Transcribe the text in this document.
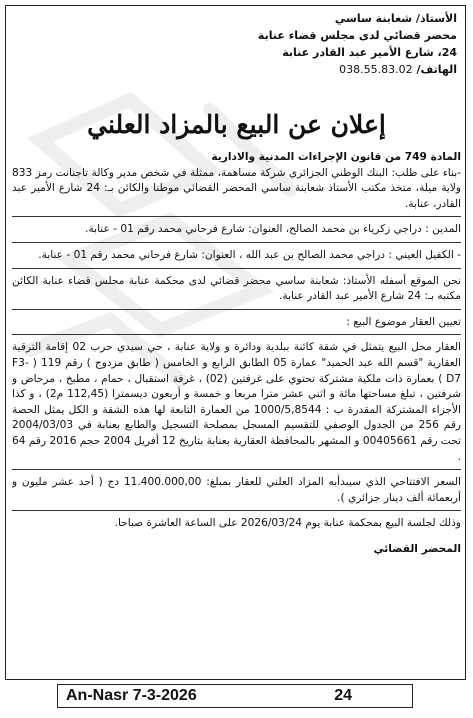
الأستاذ/ شعابنة ساسي
محضر قضائي لدى مجلس قضاء عنابة
24، شارع الأمير عبد القادر عنابة
الهاتف/ 038.55.83.02
إعلان عن البيع بالمزاد العلني

المادة 749 من قانون الإجراءات المدنية والادارية

-بناء على طلب: البنك الوطني الجزائري شركة مساهمة، ممثلة في شخص مدير وكالة تاجنانت رمز 833 ولاية ميلة، متخذ مكتب الأستاذ شعابنة ساسي المحضر القضائي موطنا والكائن بـ: 24 شارع الأمير عبد القادر، عنابة.

المدين : دراجي زكرياء بن محمد الصالح، العنوان: شارع فرحاني محمد رقم 01 - عنابة.

- الكفيل العيني : دراجي محمد الصالح بن عبد الله ، العنوان: شارع فرحاني محمد رقم 01 - عنابة.

نحن الموقع أسفله الأستاذ: شعابنة ساسي محضر قضائي لدى محكمة عنابة مجلس قضاء عنابة الكائن مكتبه بـ: 24 شارع الأمير عبد القادر عنابة.

تعيين العقار موضوع البيع :

العقار محل البيع يتمثل في شقة كائنة ببلدية ودائرة و ولاية عنابة ، حي سيدي حرب 02 إقامة الترقية العقارية "قسم الله عبد الحميد" عمارة 05 الطابق الرابع و الخامس ( طابق مزدوج ) رقم 119 ( F3-D7 ) بعمارة ذات ملكية مشتركة تحتوي على غرفتين (02) ، غرفة استقبال ، حمام ، مطبخ ، مرحاض و شرفتين ، تبلغ مساحتها مائة و اثني عشر مترا مربعا و خمسة و أربعون ديسمترا (112,45 م2) ، و كذا الأجزاء المشتركة المقدرة ب : 1000/5,8544 من العمارة التابعة لها هذه الشقة و الكل يمثل الحصة رقم 256 من الجدول الوصفي للتقسيم المسجل بمصلحة التسجيل والطابع بعنابة في 2004/03/03 تحت رقم 00405661 و المشهر بالمحافظة العقارية بعنابة بتاريخ 12 أفريل 2004 حجم 2016 رقم 64 .

السعر الافتتاحي الذي سيبدأبه المزاد العلني للعقار بمبلغ: 11.400.000,00 دج ( أحد عشر مليون و أربعمائة ألف دينار جزائري ).

وذلك لجلسة البيع بمحكمة عنابة يوم 2026/03/24 على الساعة العاشرة صباحا.

المحضر القضائي

An-Nasr 7-3-2026	24
